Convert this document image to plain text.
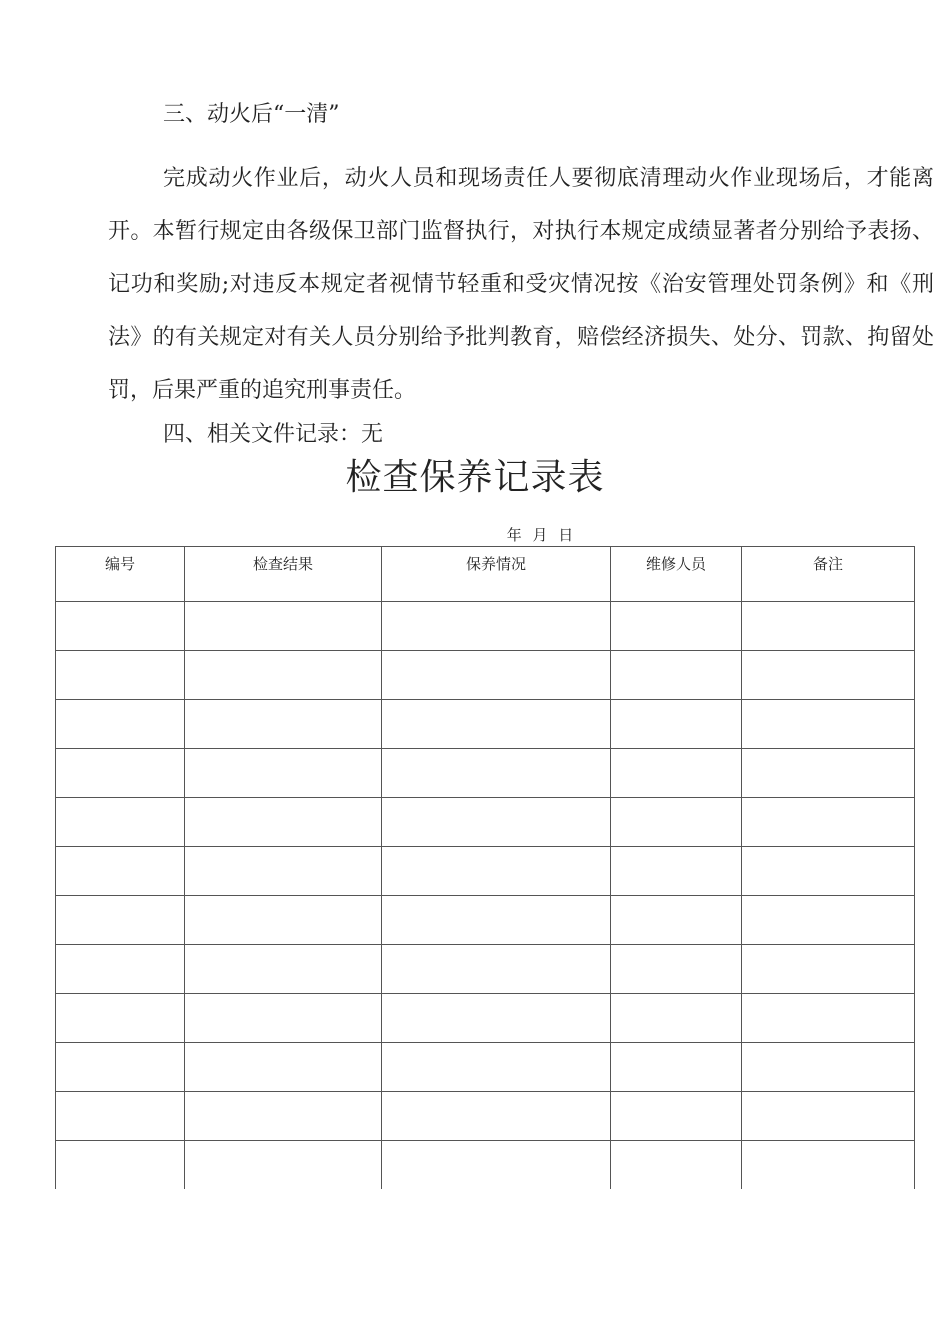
三、动火后“一清”
完成动火作业后，动火人员和现场责任人要彻底清理动火作业现场后，才能离开。本暂行规定由各级保卫部门监督执行，对执行本规定成绩显著者分别给予表扬、记功和奖励;对违反本规定者视情节轻重和受灾情况按《治安管理处罚条例》和《刑法》的有关规定对有关人员分别给予批判教育，赔偿经济损失、处分、罚款、拘留处罚，后果严重的追究刑事责任。
四、相关文件记录：无
检查保养记录表
年 月 日
编号	检查结果	保养情况	维修人员	备注
